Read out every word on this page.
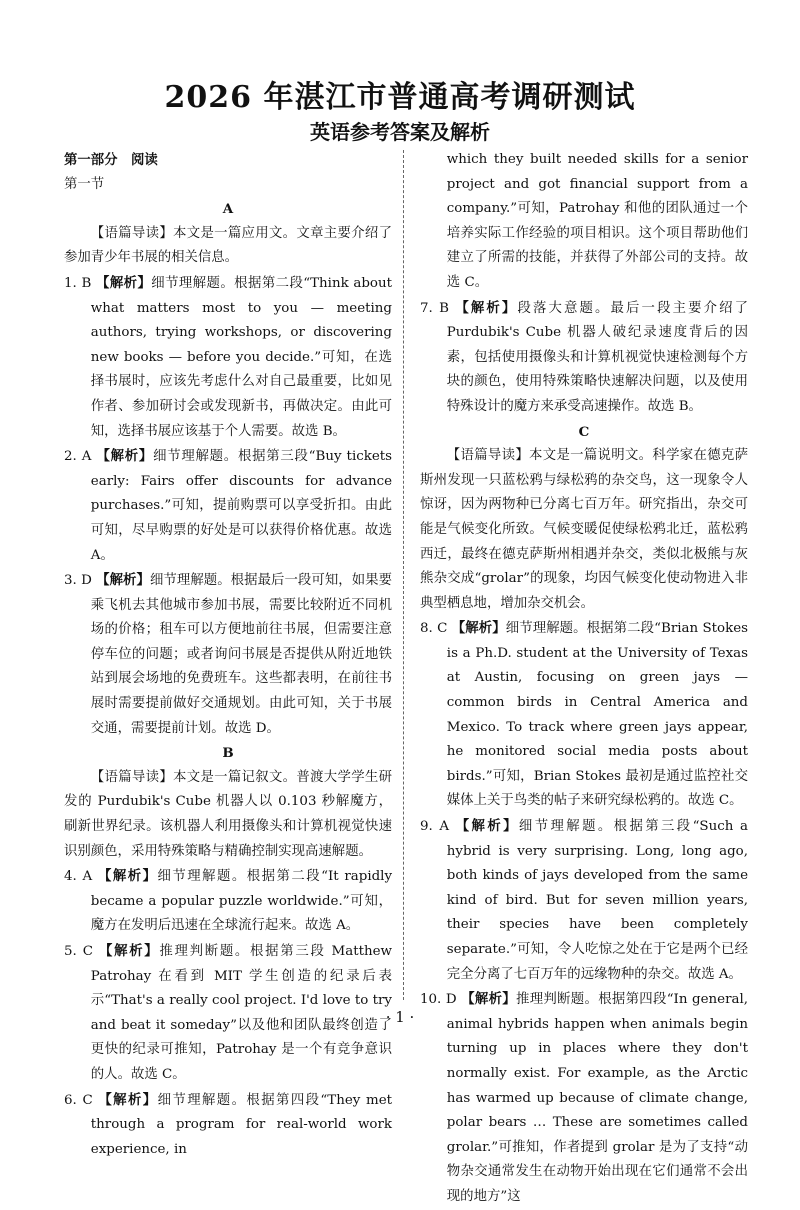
2026 年湛江市普通高考调研测试
英语参考答案及解析

第一部分　阅读

第一节

A

【语篇导读】本文是一篇应用文。文章主要介绍了参加青少年书展的相关信息。

1. B 【解析】细节理解题。根据第二段“Think about what matters most to you — meeting authors, trying workshops, or discovering new books — before you decide.”可知，在选择书展时，应该先考虑什么对自己最重要，比如见作者、参加研讨会或发现新书，再做决定。由此可知，选择书展应该基于个人需要。故选 B。

2. A 【解析】细节理解题。根据第三段“Buy tickets early: Fairs offer discounts for advance purchases.”可知，提前购票可以享受折扣。由此可知，尽早购票的好处是可以获得价格优惠。故选 A。

3. D 【解析】细节理解题。根据最后一段可知，如果要乘飞机去其他城市参加书展，需要比较附近不同机场的价格；租车可以方便地前往书展，但需要注意停车位的问题；或者询问书展是否提供从附近地铁站到展会场地的免费班车。这些都表明，在前往书展时需要提前做好交通规划。由此可知，关于书展交通，需要提前计划。故选 D。

B

【语篇导读】本文是一篇记叙文。普渡大学学生研发的 Purdubik's Cube 机器人以 0.103 秒解魔方，刷新世界纪录。该机器人利用摄像头和计算机视觉快速识别颜色，采用特殊策略与精确控制实现高速解题。

4. A 【解析】细节理解题。根据第二段“It rapidly became a popular puzzle worldwide.”可知，魔方在发明后迅速在全球流行起来。故选 A。

5. C 【解析】推理判断题。根据第三段 Matthew Patrohay 在看到 MIT 学生创造的纪录后表示“That's a really cool project. I'd love to try and beat it someday”以及他和团队最终创造了更快的纪录可推知，Patrohay 是一个有竞争意识的人。故选 C。

6. C 【解析】细节理解题。根据第四段“They met through a program for real-world work experience, in

which they built needed skills for a senior project and got financial support from a company.”可知，Patrohay 和他的团队通过一个培养实际工作经验的项目相识。这个项目帮助他们建立了所需的技能，并获得了外部公司的支持。故选 C。

7. B 【解析】段落大意题。最后一段主要介绍了 Purdubik's Cube 机器人破纪录速度背后的因素，包括使用摄像头和计算机视觉快速检测每个方块的颜色，使用特殊策略快速解决问题，以及使用特殊设计的魔方来承受高速操作。故选 B。

C

【语篇导读】本文是一篇说明文。科学家在德克萨斯州发现一只蓝松鸦与绿松鸦的杂交鸟，这一现象令人惊讶，因为两物种已分离七百万年。研究指出，杂交可能是气候变化所致。气候变暖促使绿松鸦北迁，蓝松鸦西迁，最终在德克萨斯州相遇并杂交，类似北极熊与灰熊杂交成“grolar”的现象，均因气候变化使动物进入非典型栖息地，增加杂交机会。

8. C 【解析】细节理解题。根据第二段“Brian Stokes is a Ph.D. student at the University of Texas at Austin, focusing on green jays — common birds in Central America and Mexico. To track where green jays appear, he monitored social media posts about birds.”可知，Brian Stokes 最初是通过监控社交媒体上关于鸟类的帖子来研究绿松鸦的。故选 C。

9. A 【解析】细节理解题。根据第三段“Such a hybrid is very surprising. Long, long ago, both kinds of jays developed from the same kind of bird. But for seven million years, their species have been completely separate.”可知，令人吃惊之处在于它是两个已经完全分离了七百万年的远缘物种的杂交。故选 A。

10. D 【解析】推理判断题。根据第四段“In general, animal hybrids happen when animals begin turning up in places where they don't normally exist. For example, as the Arctic has warmed up because of climate change, polar bears … These are sometimes called grolar.”可推知，作者提到 grolar 是为了支持“动物杂交通常发生在动物开始出现在它们通常不会出现的地方”这

· 1 ·
